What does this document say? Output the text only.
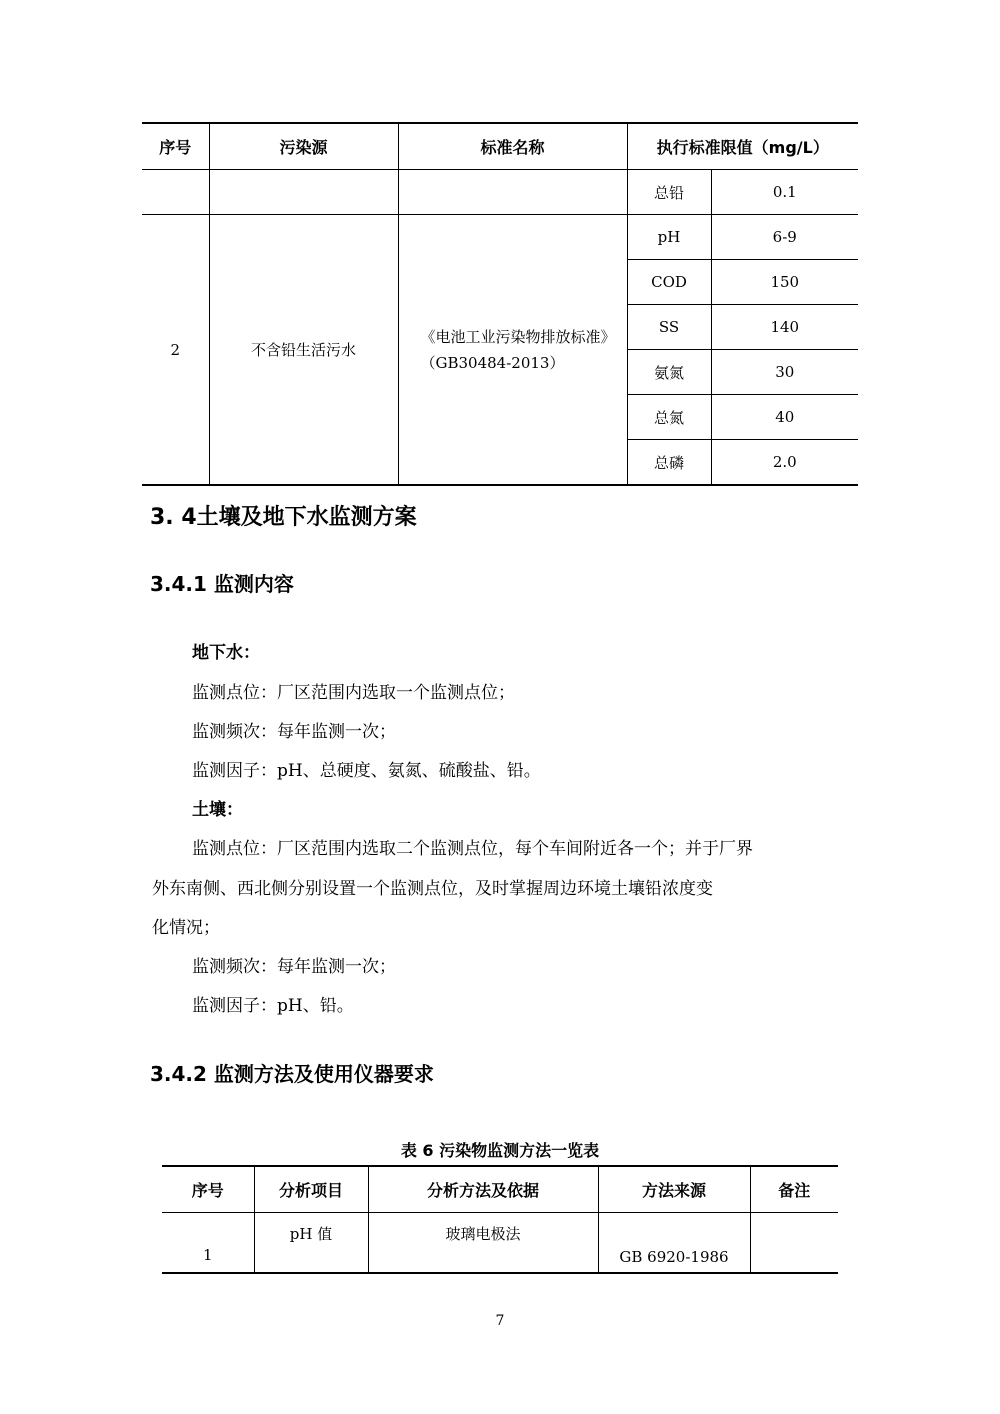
序号	污染源	标准名称	执行标准限值（mg/L）	
			总铅	0.1
2	不含铅生活污水	《电池工业污染物排放标准》（GB30484-2013）	pH	6-9
			COD	150
			SS	140
			氨氮	30
			总氮	40
			总磷	2.0
3. 4土壤及地下水监测方案
3.4.1 监测内容

地下水：

监测点位：厂区范围内选取一个监测点位；

监测频次：每年监测一次；

监测因子：pH、总硬度、氨氮、硫酸盐、铅。

土壤：

监测点位：厂区范围内选取二个监测点位，每个车间附近各一个；并于厂界

外东南侧、西北侧分别设置一个监测点位，及时掌握周边环境土壤铅浓度变

化情况；

监测频次：每年监测一次；

监测因子：pH、铅。

3.4.2 监测方法及使用仪器要求

表 6 污染物监测方法一览表

序号	分析项目	分析方法及依据	方法来源	备注
1	pH 值	玻璃电极法	GB 6920-1986	
7
